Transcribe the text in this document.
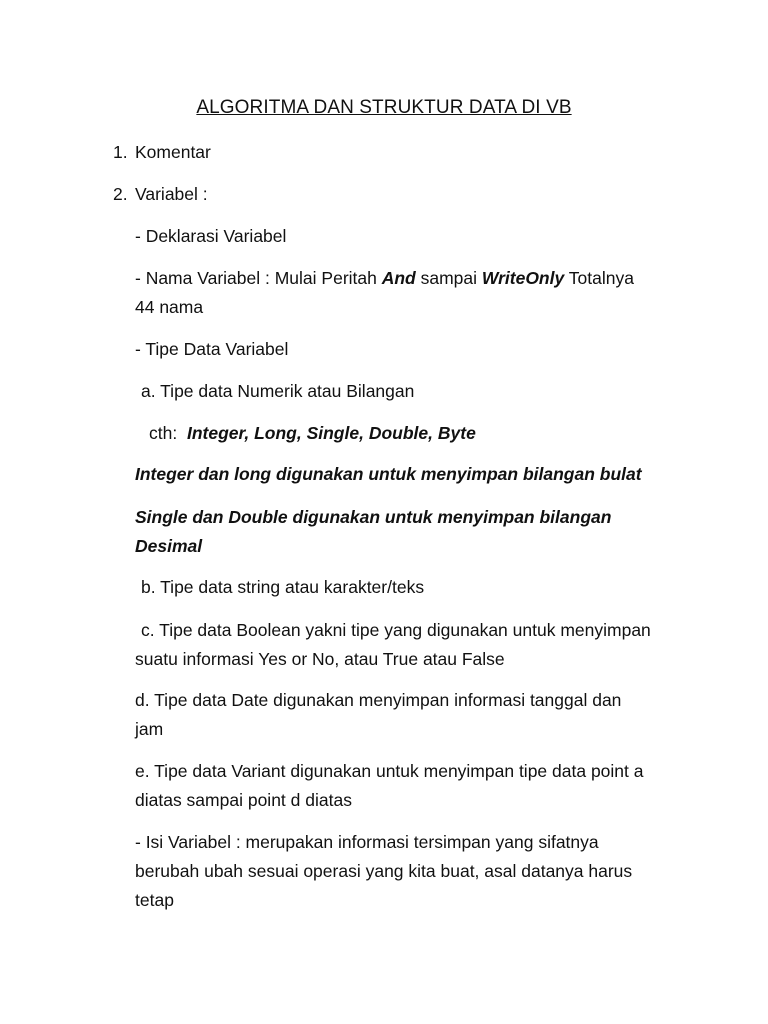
ALGORITMA DAN STRUKTUR DATA DI VB
1. Komentar
2. Variabel :
- Deklarasi Variabel
- Nama Variabel : Mulai Peritah And sampai WriteOnly Totalnya
44 nama
- Tipe Data Variabel
a. Tipe data Numerik atau Bilangan
cth: Integer, Long, Single, Double, Byte
Integer dan long digunakan untuk menyimpan bilangan bulat
Single dan Double digunakan untuk menyimpan bilangan
Desimal
b. Tipe data string atau karakter/teks
c. Tipe data Boolean yakni tipe yang digunakan untuk menyimpan
suatu informasi Yes or No, atau True atau False
d. Tipe data Date digunakan menyimpan informasi tanggal dan
jam
e. Tipe data Variant digunakan untuk menyimpan tipe data point a
diatas sampai point d diatas
- Isi Variabel : merupakan informasi tersimpan yang sifatnya
berubah ubah sesuai operasi yang kita buat, asal datanya harus
tetap
